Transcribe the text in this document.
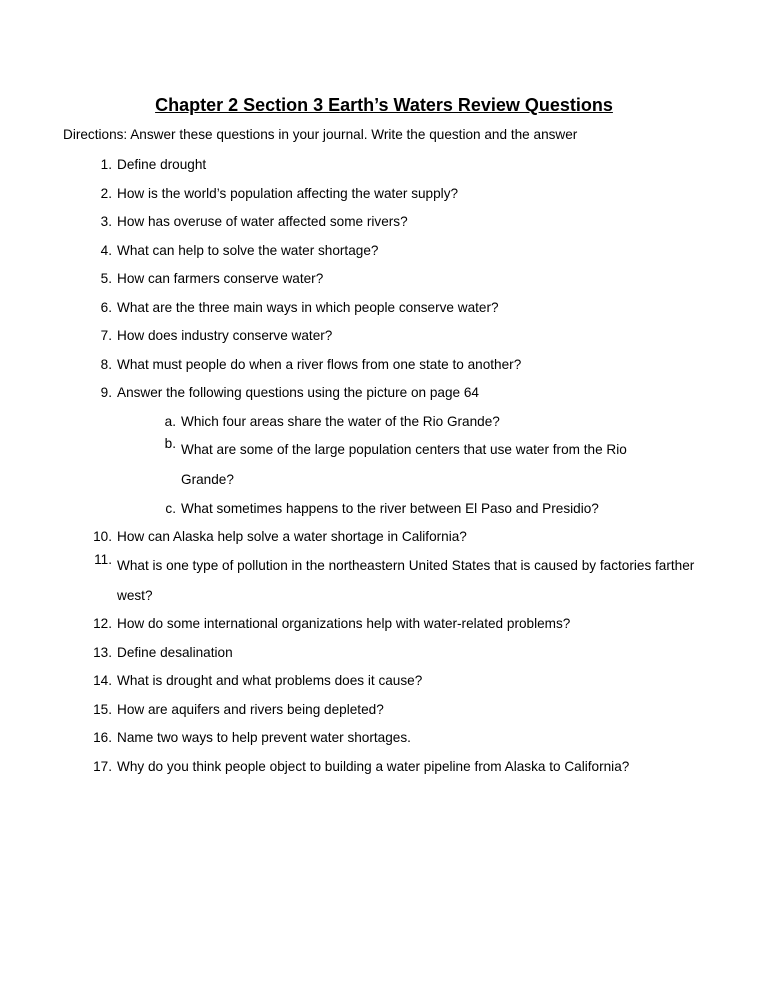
Chapter 2 Section 3 Earth’s Waters Review Questions
Directions: Answer these questions in your journal. Write the question and the answer
1. Define drought
2. How is the world’s population affecting the water supply?
3. How has overuse of water affected some rivers?
4. What can help to solve the water shortage?
5. How can farmers conserve water?
6. What are the three main ways in which people conserve water?
7. How does industry conserve water?
8. What must people do when a river flows from one state to another?
9. Answer the following questions using the picture on page 64
a. Which four areas share the water of the Rio Grande?
b. What are some of the large population centers that use water from the Rio Grande?
c. What sometimes happens to the river between El Paso and Presidio?
10. How can Alaska help solve a water shortage in California?
11. What is one type of pollution in the northeastern United States that is caused by factories farther west?
12. How do some international organizations help with water-related problems?
13. Define desalination
14. What is drought and what problems does it cause?
15. How are aquifers and rivers being depleted?
16. Name two ways to help prevent water shortages.
17. Why do you think people object to building a water pipeline from Alaska to California?
